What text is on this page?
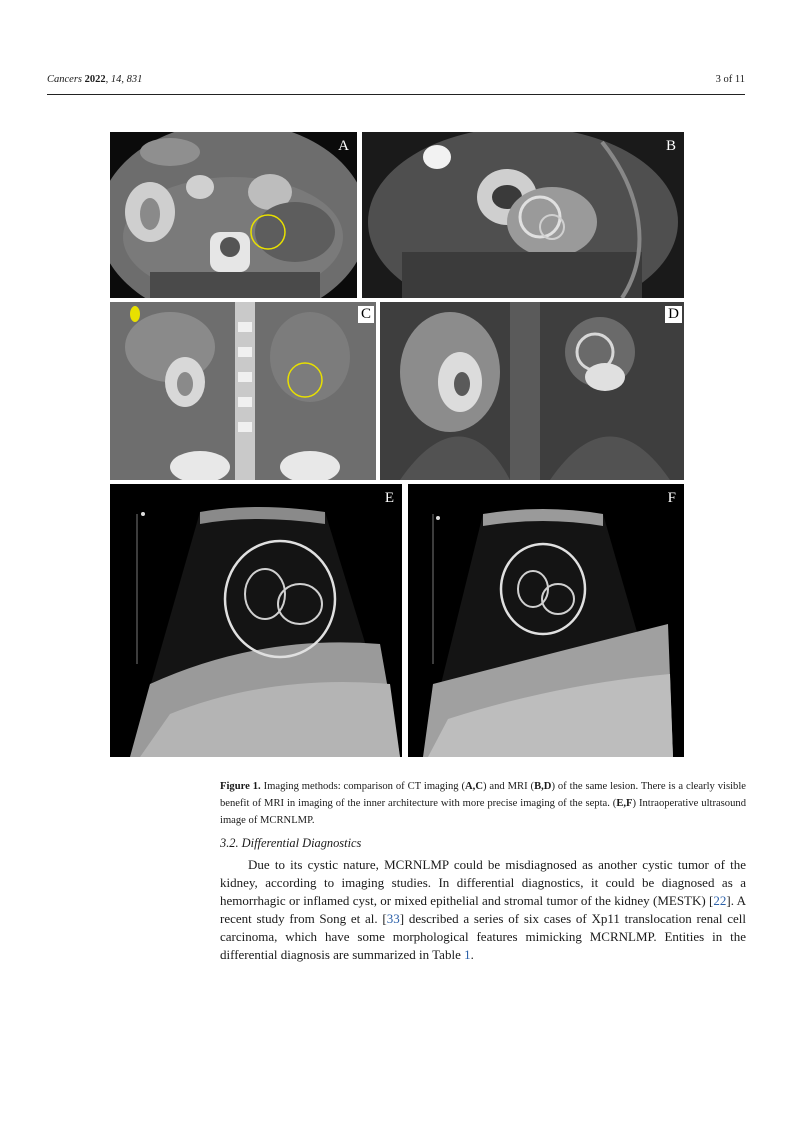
Cancers 2022, 14, 831	3 of 11
A	B
C	D
E	F
Figure 1. Imaging methods: comparison of CT imaging (A,C) and MRI (B,D) of the same lesion. There is a clearly visible benefit of MRI in imaging of the inner architecture with more precise imaging of the septa. (E,F) Intraoperative ultrasound image of MCRNLMP.
3.2. Differential Diagnostics
Due to its cystic nature, MCRNLMP could be misdiagnosed as another cystic tumor of the kidney, according to imaging studies. In differential diagnostics, it could be diagnosed as a hemorrhagic or inflamed cyst, or mixed epithelial and stromal tumor of the kidney (MESTK) [22]. A recent study from Song et al. [33] described a series of six cases of Xp11 translocation renal cell carcinoma, which have some morphological features mimicking MCRNLMP. Entities in the differential diagnosis are summarized in Table 1.
